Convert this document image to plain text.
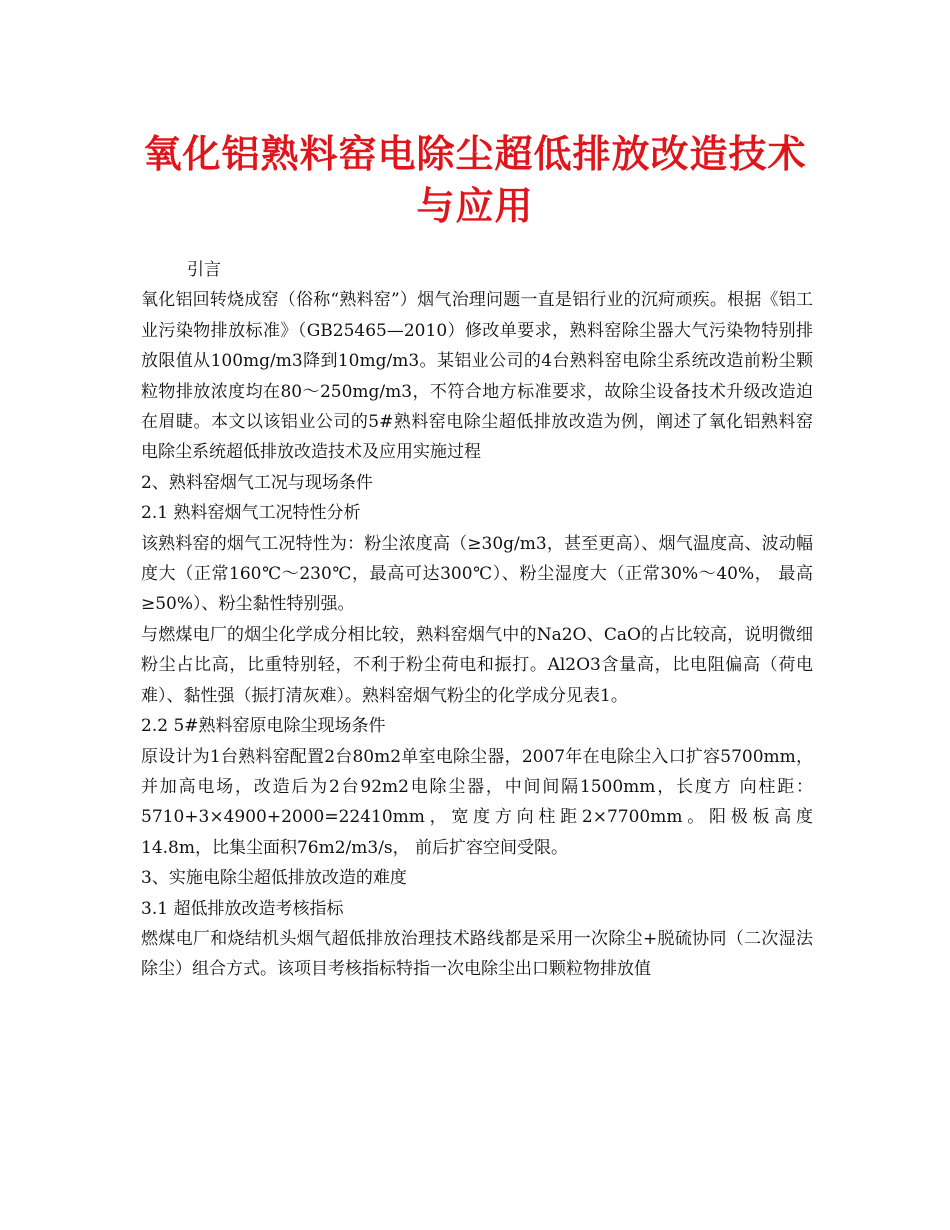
氧化铝熟料窑电除尘超低排放改造技术与应用

引言

氧化铝回转烧成窑（俗称“熟料窑”）烟气治理问题一直是铝行业的沉疴顽疾。根据《铝工业污染物排放标准》（GB25465—2010）修改单要求，熟料窑除尘器大气污染物特别排放限值从100mg/m3降到10mg/m3。某铝业公司的4台熟料窑电除尘系统改造前粉尘颗粒物排放浓度均在80～250mg/m3，不符合地方标准要求，故除尘设备技术升级改造迫在眉睫。本文以该铝业公司的5#熟料窑电除尘超低排放改造为例，阐述了氧化铝熟料窑 电除尘系统超低排放改造技术及应用实施过程

2、熟料窑烟气工况与现场条件

2.1 熟料窑烟气工况特性分析

该熟料窑的烟气工况特性为：粉尘浓度高（≥30g/m3，甚至更高）、烟气温度高、波动幅度大（正常160℃～230℃，最高可达300℃）、粉尘湿度大（正常30%～40%， 最高≥50%）、粉尘黏性特别强。

与燃煤电厂的烟尘化学成分相比较，熟料窑烟气中的Na2O、CaO的占比较高，说明微细粉尘占比高，比重特别轻，不利于粉尘荷电和振打。Al2O3含量高，比电阻偏高（荷电难）、黏性强（振打清灰难）。熟料窑烟气粉尘的化学成分见表1。

2.2 5#熟料窑原电除尘现场条件

原设计为1台熟料窑配置2台80m2单室电除尘器，2007年在电除尘入口扩容5700mm，并加高电场，改造后为2台92m2电除尘器，中间间隔1500mm，长度方 向柱距：5710+3×4900+2000=22410mm，宽度方向柱距2×7700mm。阳极板高度14.8m，比集尘面积76m2/m3/s， 前后扩容空间受限。

3、实施电除尘超低排放改造的难度

3.1 超低排放改造考核指标

燃煤电厂和烧结机头烟气超低排放治理技术路线都是采用一次除尘+脱硫协同（二次湿法除尘）组合方式。该项目考核指标特指一次电除尘出口颗粒物排放值
